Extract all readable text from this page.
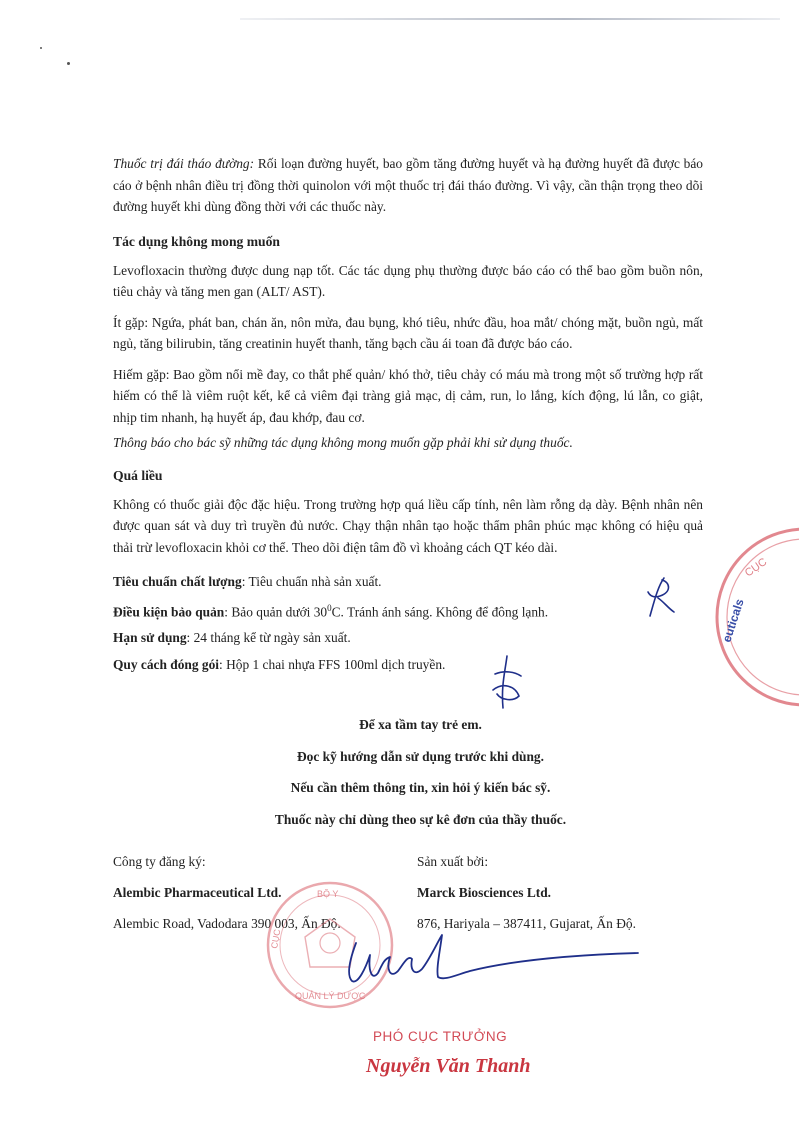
Thuốc trị đái tháo đường: Rối loạn đường huyết, bao gồm tăng đường huyết và hạ đường huyết đã được báo cáo ở bệnh nhân điều trị đồng thời quinolon với một thuốc trị đái tháo đường. Vì vậy, cần thận trọng theo dõi đường huyết khi dùng đồng thời với các thuốc này.

Tác dụng không mong muốn

Levofloxacin thường được dung nạp tốt. Các tác dụng phụ thường được báo cáo có thể bao gồm buồn nôn, tiêu chảy và tăng men gan (ALT/ AST).

Ít gặp: Ngứa, phát ban, chán ăn, nôn mửa, đau bụng, khó tiêu, nhức đầu, hoa mắt/ chóng mặt, buồn ngủ, mất ngủ, tăng bilirubin, tăng creatinin huyết thanh, tăng bạch cầu ái toan đã được báo cáo.

Hiếm gặp: Bao gồm nổi mề đay, co thắt phế quản/ khó thở, tiêu chảy có máu mà trong một số trường hợp rất hiếm có thể là viêm ruột kết, kể cả viêm đại tràng giả mạc, dị cảm, run, lo lắng, kích động, lú lẫn, co giật, nhịp tim nhanh, hạ huyết áp, đau khớp, đau cơ.

Thông báo cho bác sỹ những tác dụng không mong muốn gặp phải khi sử dụng thuốc.

Quá liều

Không có thuốc giải độc đặc hiệu. Trong trường hợp quá liều cấp tính, nên làm rỗng dạ dày. Bệnh nhân nên được quan sát và duy trì truyền đủ nước. Chạy thận nhân tạo hoặc thẩm phân phúc mạc không có hiệu quả thải trừ levofloxacin khỏi cơ thể. Theo dõi điện tâm đồ vì khoảng cách QT kéo dài.

Tiêu chuẩn chất lượng: Tiêu chuẩn nhà sản xuất.

Điều kiện bảo quản: Bảo quản dưới $30^0C$. Tránh ánh sáng. Không để đông lạnh.

Hạn sử dụng: 24 tháng kể từ ngày sản xuất.

Quy cách đóng gói: Hộp 1 chai nhựa FFS 100ml dịch truyền.

Để xa tầm tay trẻ em.
Đọc kỹ hướng dẫn sử dụng trước khi dùng.
Nếu cần thêm thông tin, xin hỏi ý kiến bác sỹ.
Thuốc này chỉ dùng theo sự kê đơn của thầy thuốc.
Công ty đăng ký:
Alembic Pharmaceutical Ltd.
Alembic Road, Vadodara 390 003, Ấn Độ.
Sản xuất bởi:
Marck Biosciences Ltd.
876, Hariyala – 387411, Gujarat, Ấn Độ.
euticals
CỤC
BỘ Y
CỤC
QUẢN LÝ DƯỢC
PHÓ CỤC TRƯỞNG
Nguyễn Văn Thanh
